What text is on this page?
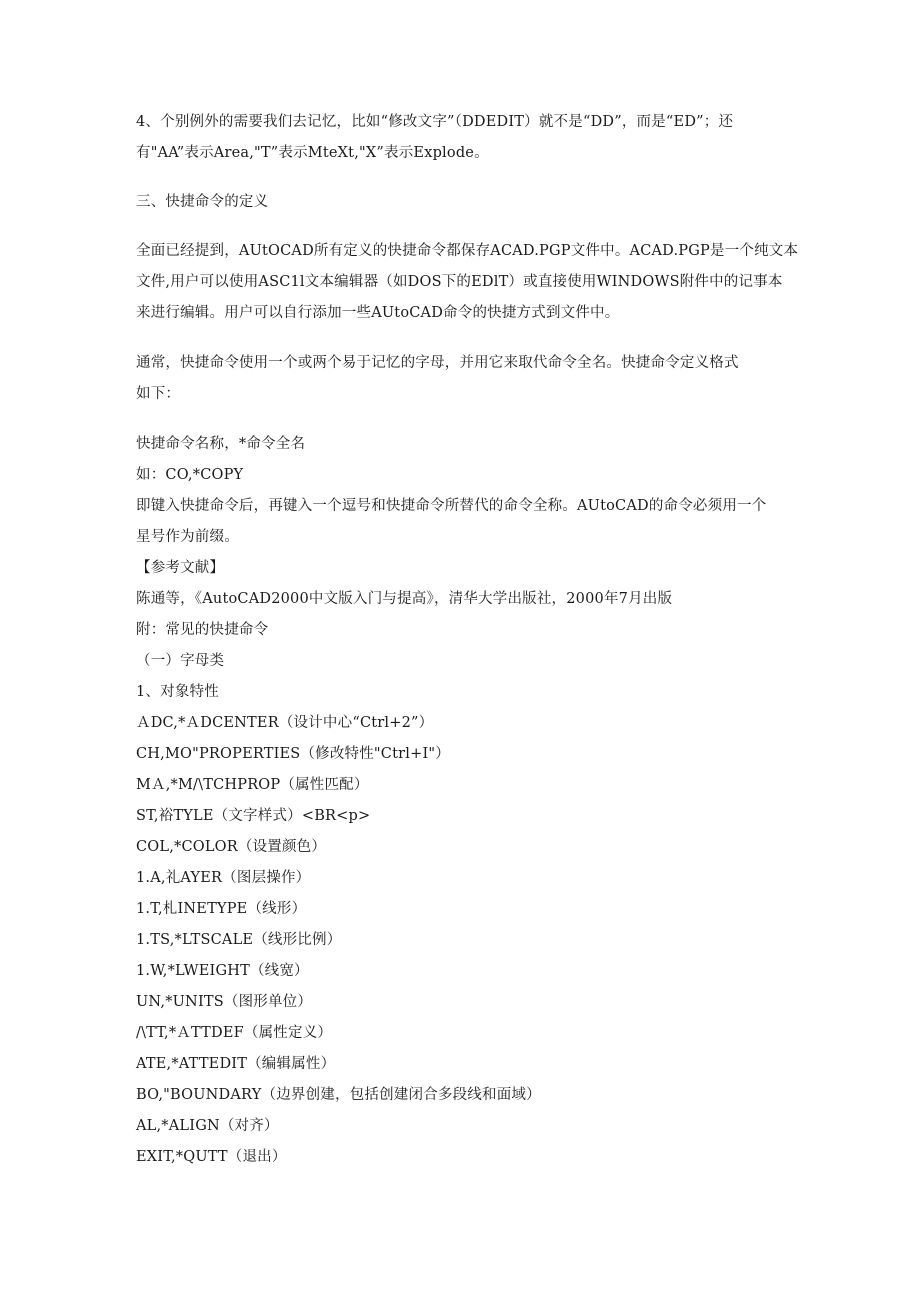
4、个别例外的需要我们去记忆，比如“修改文字”（DDEDIT）就不是“DD”，而是“ED”；还
有"AA”表示Area,"T”表示MteXt,"X”表示Explode。
三、快捷命令的定义
全面已经提到，AUtOCAD所有定义的快捷命令都保存ACAD.PGP文件中。ACAD.PGP是一个纯文本
文件,用户可以使用ASC1l文本编辑器（如DOS下的EDlT）或直接使用WINDOWS附件中的记事本
来进行编辑。用户可以自行添加一些AUtoCAD命令的快捷方式到文件中。
通常，快捷命令使用一个或两个易于记忆的字母，并用它来取代命令全名。快捷命令定义格式
如下：
快捷命令名称，*命令全名
如：CO,*COPY
即键入快捷命令后，再键入一个逗号和快捷命令所替代的命令全称。AUtoCAD的命令必须用一个
星号作为前缀。
【参考文献】
陈通等，《AutoCAD2000中文版入门与提高》，清华大学出版社，2000年7月出版
附：常见的快捷命令
（一）字母类
1、对象特性
ＡDC,*ＡDCENTER（设计中心“Ctrl+2”）
CH,MO"PROPERTIES（修改特性"Ctrl+I"）
MＡ,*M/\TCHPROP（属性匹配）
ST,裕TYLE（文字样式）<BR<p>
COL,*COLOR（设置颜色）
1.A,礼AYER（图层操作）
1.T,札INETYPE（线形）
1.TS,*LTSCALE（线形比例）
1.W,*LWEIGHT（线宽）
UN,*UNITS（图形单位）
/\TT,*ＡTTDEF（属性定义）
ATE,*ATTEDIT（编辑属性）
BO,"BOUNDARY（边界创建，包括创建闭合多段线和面域）
AL,*ALIGN（对齐）
EXIT,*QUTT（退出）
